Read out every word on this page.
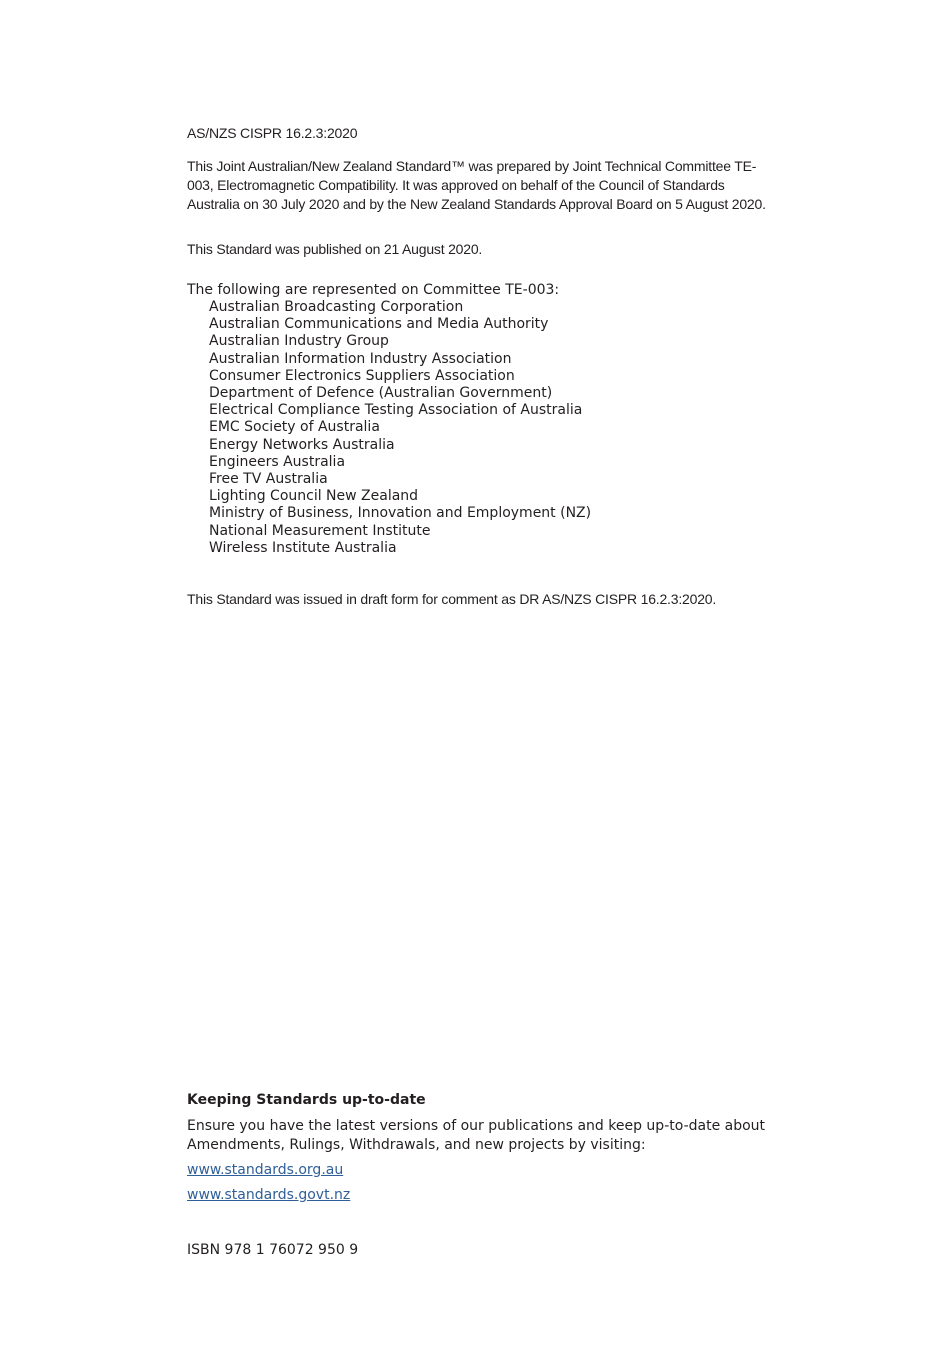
AS/NZS CISPR 16.2.3:2020

This Joint Australian/New Zealand Standard™ was prepared by Joint Technical Committee TE-003, Electromagnetic Compatibility. It was approved on behalf of the Council of Standards Australia on 30 July 2020 and by the New Zealand Standards Approval Board on 5 August 2020.

This Standard was published on 21 August 2020.
The following are represented on Committee TE-003:
Australian Broadcasting Corporation
Australian Communications and Media Authority
Australian Industry Group
Australian Information Industry Association
Consumer Electronics Suppliers Association
Department of Defence (Australian Government)
Electrical Compliance Testing Association of Australia
EMC Society of Australia
Energy Networks Australia
Engineers Australia
Free TV Australia
Lighting Council New Zealand
Ministry of Business, Innovation and Employment (NZ)
National Measurement Institute
Wireless Institute Australia
This Standard was issued in draft form for comment as DR AS/NZS CISPR 16.2.3:2020.
Keeping Standards up-to-date

Ensure you have the latest versions of our publications and keep up-to-date about Amendments, Rulings, Withdrawals, and new projects by visiting:

www.standards.org.au
www.standards.govt.nz
ISBN 978 1 76072 950 9
